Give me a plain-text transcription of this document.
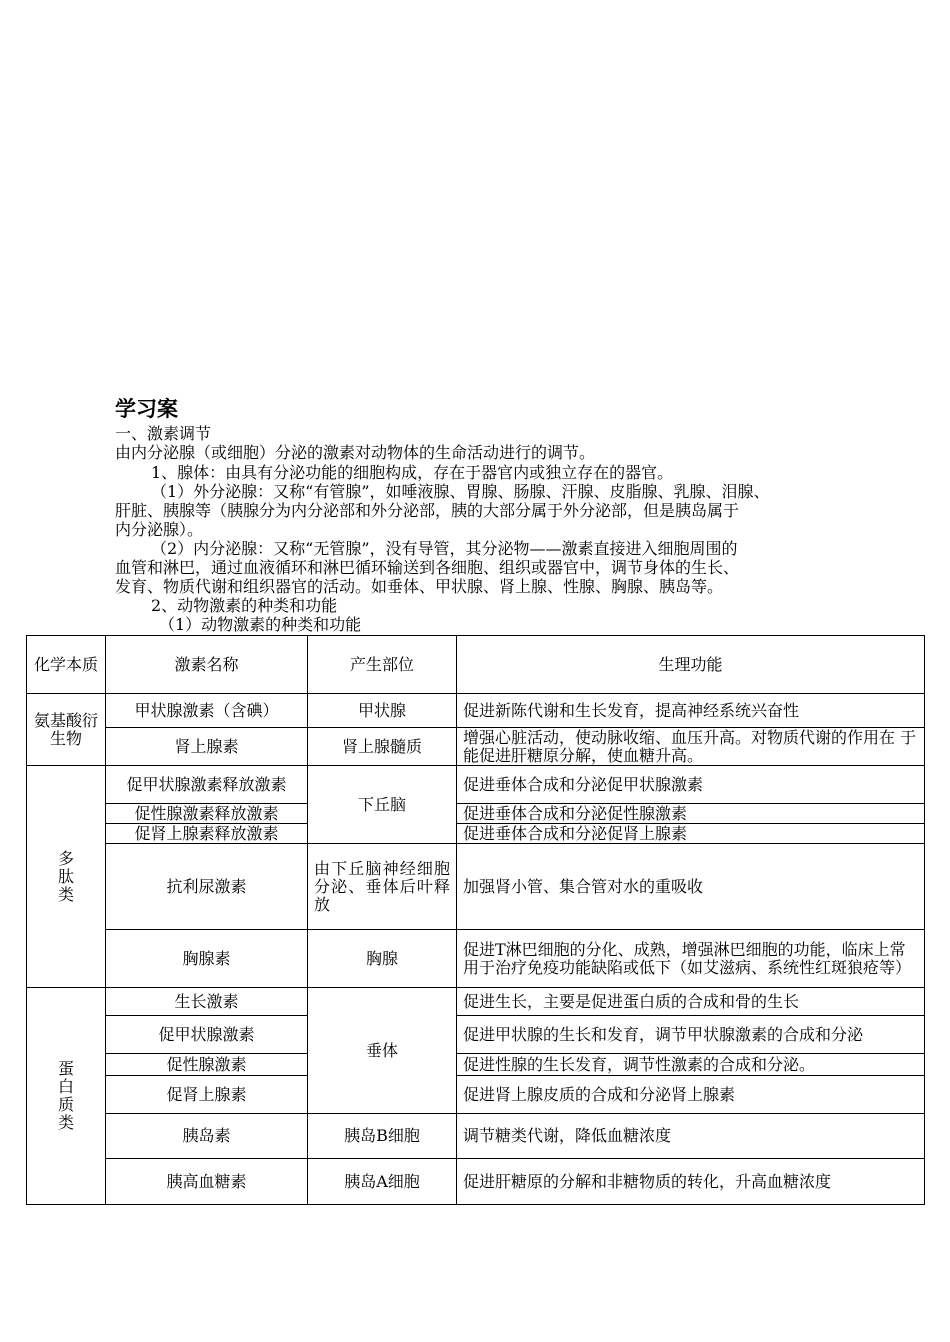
学习案
一、激素调节
由内分泌腺（或细胞）分泌的激素对动物体的生命活动进行的调节。
1、腺体：由具有分泌功能的细胞构成，存在于器官内或独立存在的器官。
（1）外分泌腺：又称“有管腺”，如唾液腺、胃腺、肠腺、汗腺、皮脂腺、乳腺、泪腺、
肝脏、胰腺等（胰腺分为内分泌部和外分泌部，胰的大部分属于外分泌部，但是胰岛属于
内分泌腺）。
（2）内分泌腺：又称“无管腺”，没有导管，其分泌物——激素直接进入细胞周围的
血管和淋巴，通过血液循环和淋巴循环输送到各细胞、组织或器官中，调节身体的生长、
发育、物质代谢和组织器官的活动。如垂体、甲状腺、肾上腺、性腺、胸腺、胰岛等。
2、动物激素的种类和功能
（1）动物激素的种类和功能
化学本质	激素名称	产生部位	生理功能
氨基酸衍生物	甲状腺激素（含碘）	甲状腺	促进新陈代谢和生长发育，提高神经系统兴奋性
	肾上腺素	肾上腺髓质	增强心脏活动，使动脉收缩、血压升高。对物质代谢的作用在 于能促进肝糖原分解，使血糖升高。

多肽类	促甲状腺激素释放激素	下丘脑	促进垂体合成和分泌促甲状腺激素
	促性腺激素释放激素		促进垂体合成和分泌促性腺激素
	促肾上腺素释放激素		促进垂体合成和分泌促肾上腺素
	抗利尿激素	由下丘脑神经细胞分泌、垂体后叶释放	加强肾小管、集合管对水的重吸收
	胸腺素	胸腺	促进T淋巴细胞的分化、成熟，增强淋巴细胞的功能，临床上常用于治疗免疫功能缺陷或低下（如艾滋病、系统性红斑狼疮等）

蛋白质类	生长激素	垂体	促进生长，主要是促进蛋白质的合成和骨的生长
	促甲状腺激素		促进甲状腺的生长和发育，调节甲状腺激素的合成和分泌
	促性腺激素		促进性腺的生长发育，调节性激素的合成和分泌。
	促肾上腺素		促进肾上腺皮质的合成和分泌肾上腺素
	胰岛素	胰岛B细胞	调节糖类代谢，降低血糖浓度
	胰高血糖素	胰岛A细胞	促进肝糖原的分解和非糖物质的转化，升高血糖浓度
